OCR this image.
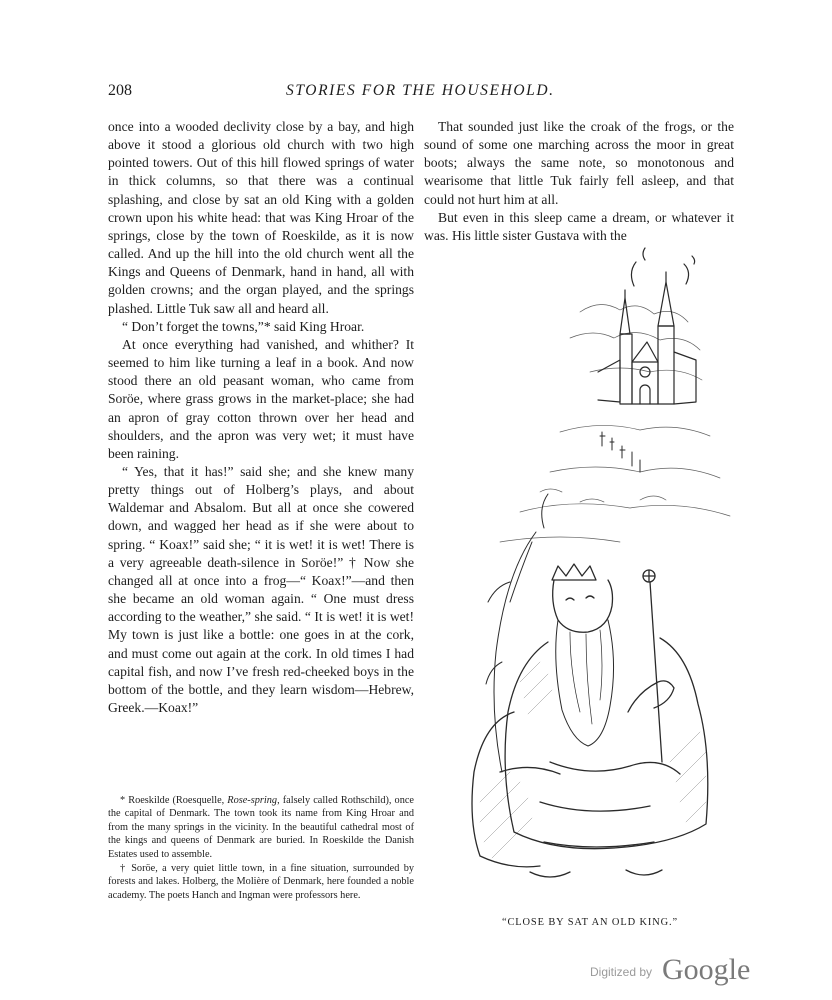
208	STORIES FOR THE HOUSEHOLD.

once into a wooded declivity close by a bay, and high above it stood a glorious old church with two high pointed towers. Out of this hill flowed springs of water in thick columns, so that there was a continual splashing, and close by sat an old King with a golden crown upon his white head: that was King Hroar of the springs, close by the town of Roeskilde, as it is now called. And up the hill into the old church went all the Kings and Queens of Denmark, hand in hand, all with golden crowns; and the organ played, and the springs plashed. Little Tuk saw all and heard all.

“ Don’t forget the towns,”* said King Hroar.

At once everything had vanished, and whither? It seemed to him like turning a leaf in a book. And now stood there an old peasant woman, who came from Soröe, where grass grows in the market-place; she had an apron of gray cotton thrown over her head and shoulders, and the apron was very wet; it must have been raining.

“ Yes, that it has!” said she; and she knew many pretty things out of Holberg’s plays, and about Waldemar and Absalom. But all at once she cowered down, and wagged her head as if she were about to spring. “ Koax!” said she; “ it is wet! it is wet! There is a very agreeable death-silence in Soröe!” † Now she changed all at once into a frog—“ Koax!”—and then she became an old woman again. “ One must dress according to the weather,” she said. “ It is wet! it is wet! My town is just like a bottle: one goes in at the cork, and must come out again at the cork. In old times I had capital fish, and now I’ve fresh red-cheeked boys in the bottom of the bottle, and they learn wisdom—Hebrew, Greek.—Koax!”

That sounded just like the croak of the frogs, or the sound of some one marching across the moor in great boots; always the same note, so monotonous and wearisome that little Tuk fairly fell asleep, and that could not hurt him at all.

But even in this sleep came a dream, or whatever it was. His little sister Gustava with the

* Roeskilde (Roesquelle, Rose-spring, falsely called Rothschild), once the capital of Denmark. The town took its name from King Hroar and from the many springs in the vicinity. In the beautiful cathedral most of the kings and queens of Denmark are buried. In Roeskilde the Danish Estates used to assemble.

† Soröe, a very quiet little town, in a fine situation, surrounded by forests and lakes. Holberg, the Molière of Denmark, here founded a noble academy. The poets Hanch and Ingman were professors here.

“CLOSE BY SAT AN OLD KING.”
Digitized by Google
